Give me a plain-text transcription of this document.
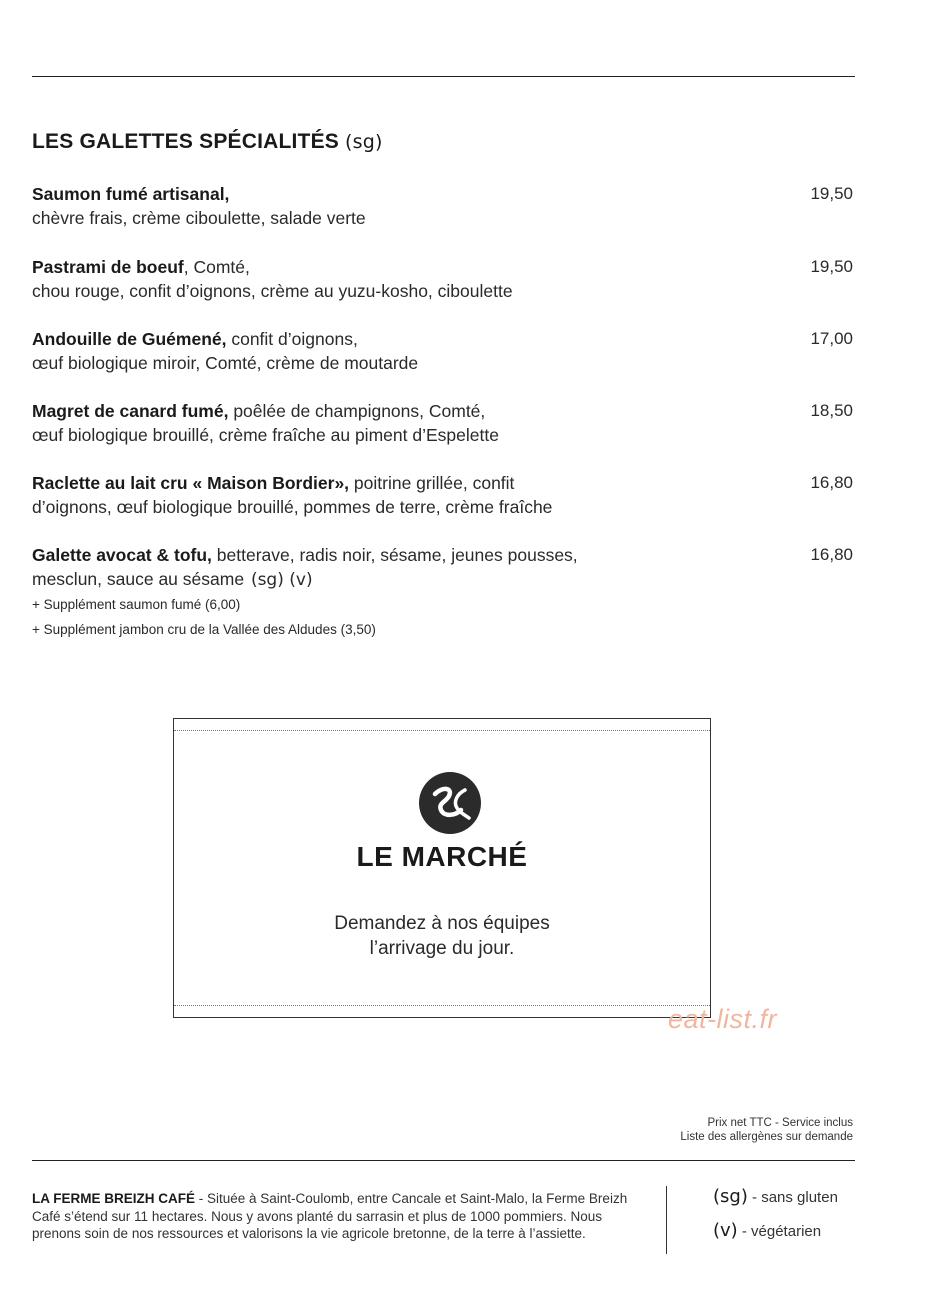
LES GALETTES SPÉCIALITÉS (sg)
Saumon fumé artisanal,
chèvre frais, crème ciboulette, salade verte
19,50
Pastrami de boeuf, Comté,
chou rouge, confit d’oignons, crème au yuzu-kosho, ciboulette
19,50
Andouille de Guémené, confit d’oignons,
œuf biologique miroir, Comté, crème de moutarde
17,00
Magret de canard fumé, poêlée de champignons, Comté,
œuf biologique brouillé, crème fraîche au piment d’Espelette
18,50
Raclette au lait cru « Maison Bordier», poitrine grillée, confit
d’oignons, œuf biologique brouillé, pommes de terre, crème fraîche
16,80
Galette avocat & tofu, betterave, radis noir, sésame, jeunes pousses,
mesclun, sauce au sésame (sg) (v)
+ Supplément saumon fumé (6,00)
+ Supplément jambon cru de la Vallée des Aldudes (3,50)
16,80
LE MARCHÉ
Demandez à nos équipes
l’arrivage du jour.
eat-list.fr
Prix net TTC - Service inclus
Liste des allergènes sur demande
LA FERME BREIZH CAFÉ - Située à Saint-Coulomb, entre Cancale et Saint-Malo, la Ferme Breizh Café s’étend sur 11 hectares. Nous y avons planté du sarrasin et plus de 1000 pommiers. Nous prenons soin de nos ressources et valorisons la vie agricole bretonne, de la terre à l’assiette.
(sg) - sans gluten
(v) - végétarien
